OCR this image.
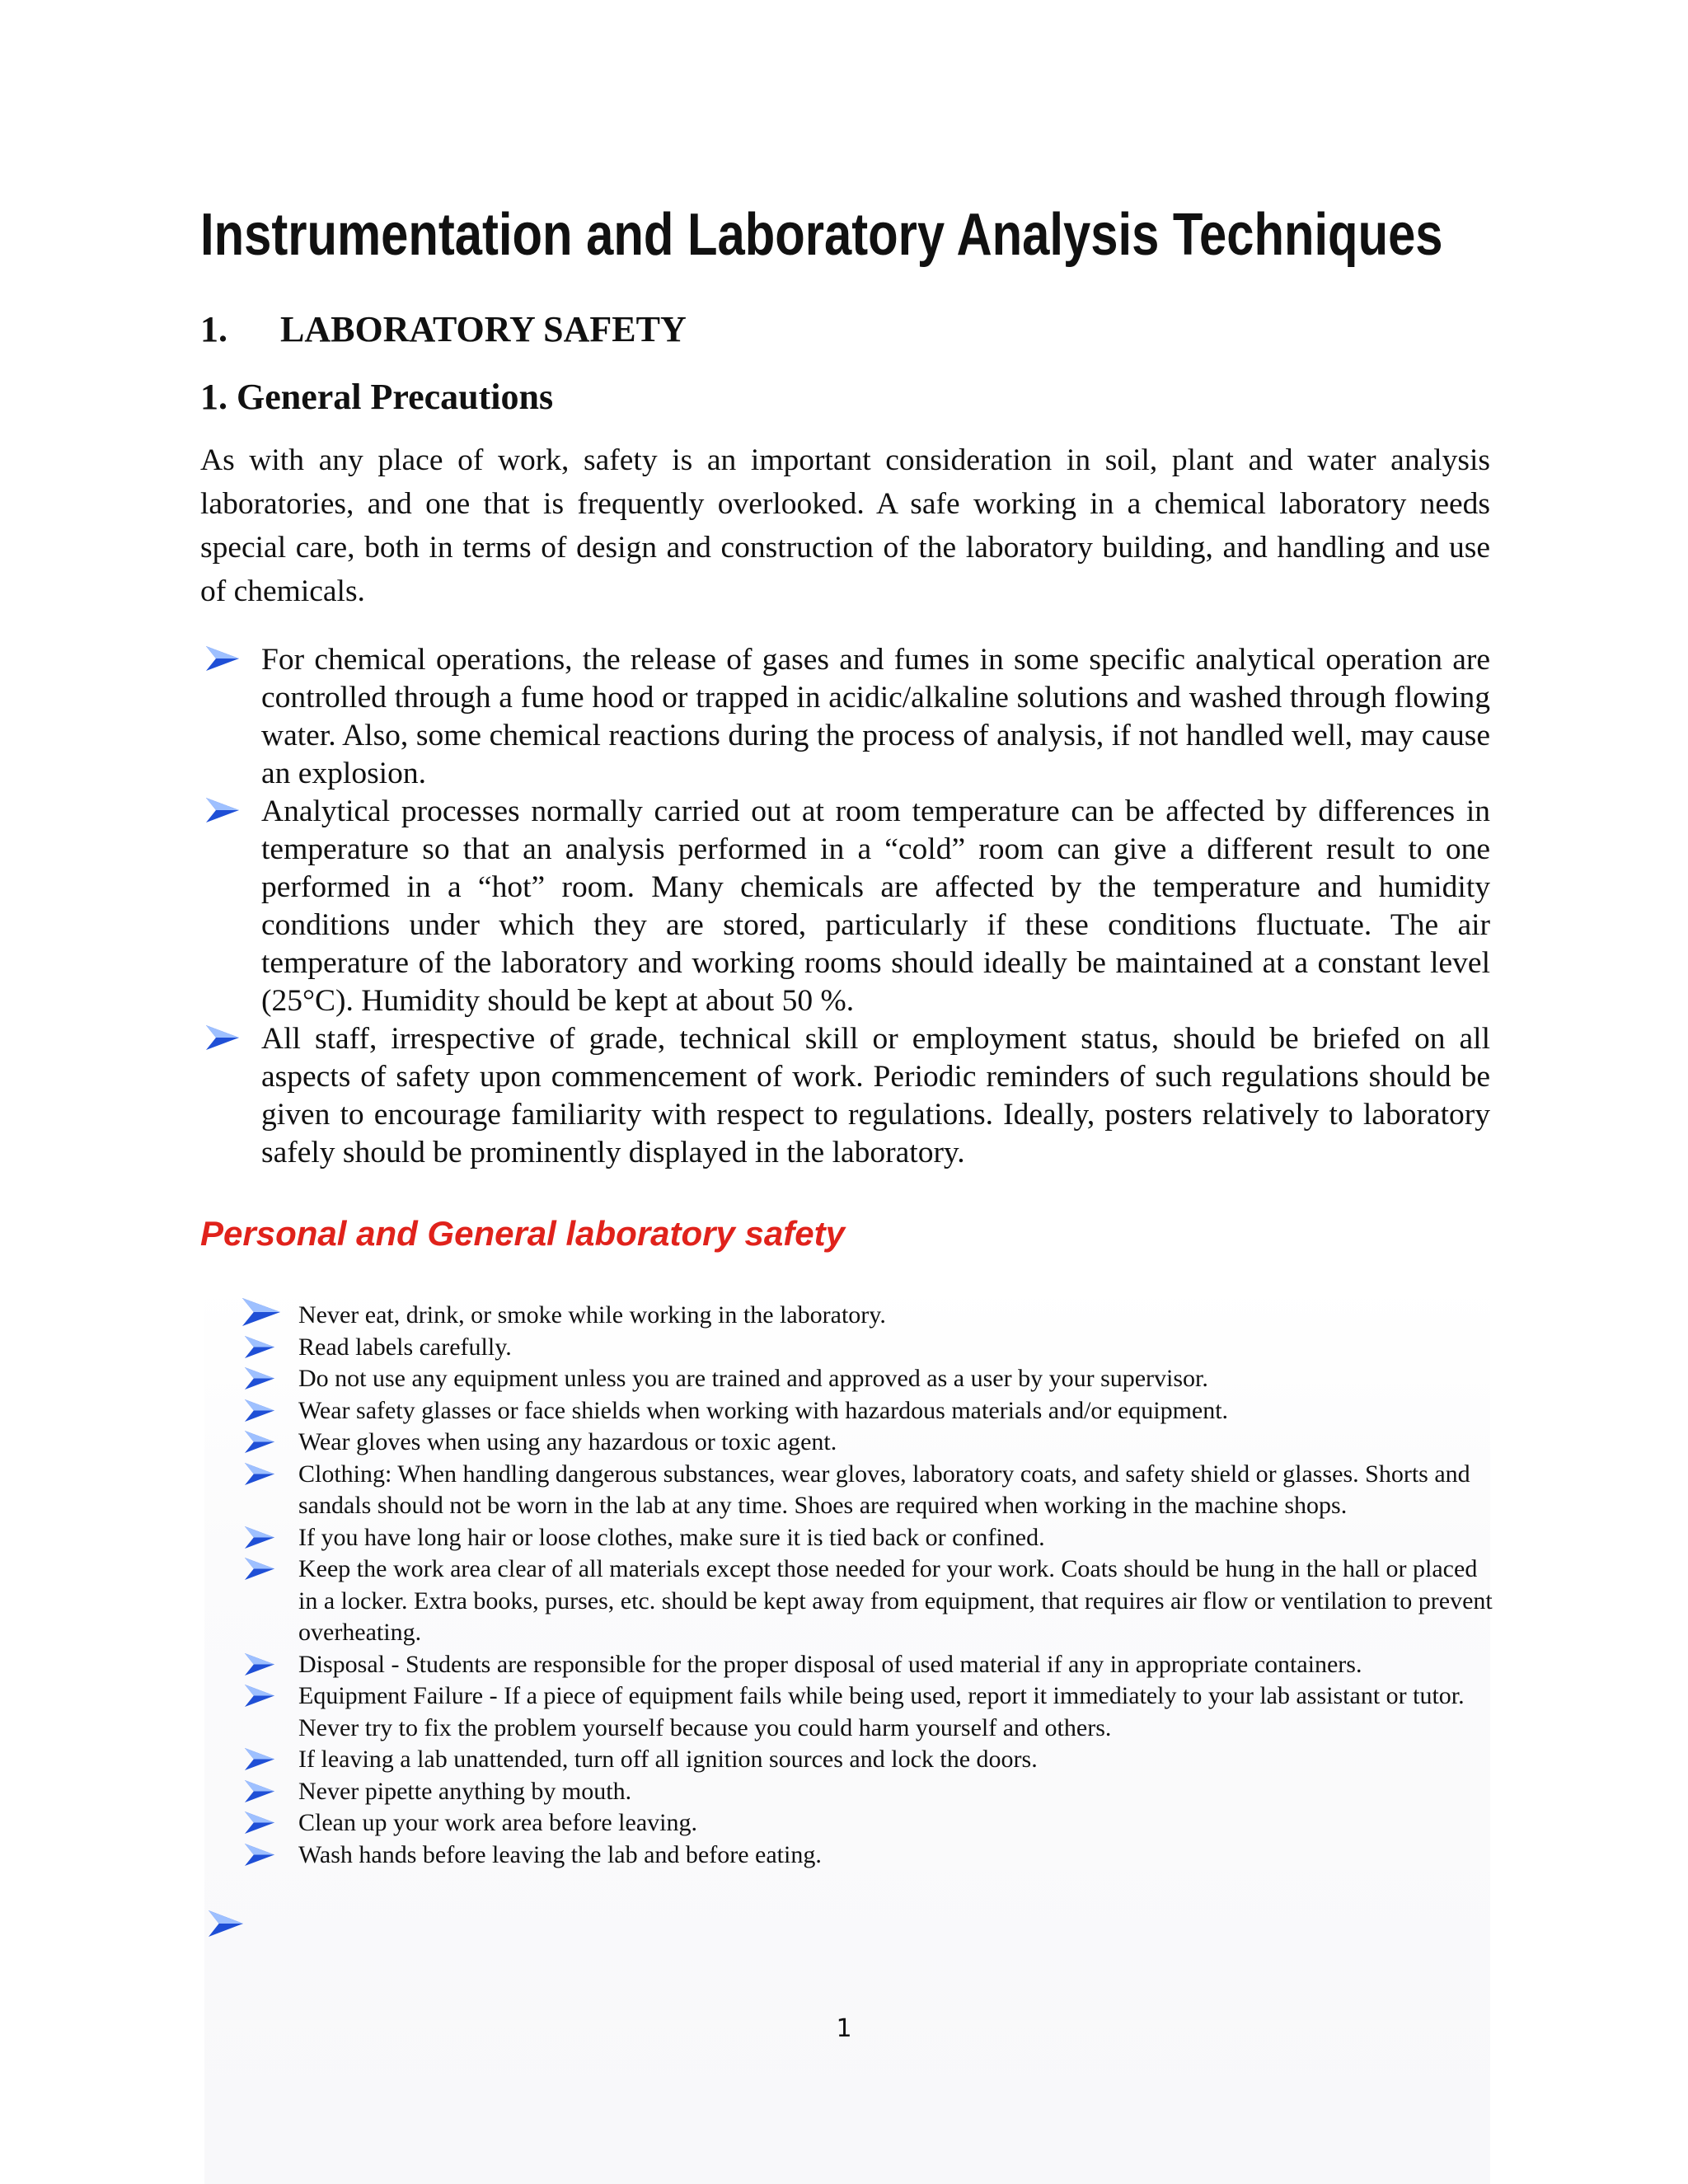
Instrumentation and Laboratory Analysis Techniques
1. LABORATORY SAFETY
1. General Precautions

As with any place of work, safety is an important consideration in soil, plant and water analysis laboratories, and one that is frequently overlooked. A safe working in a chemical laboratory needs special care, both in terms of design and construction of the laboratory building, and handling and use of chemicals.

For chemical operations, the release of gases and fumes in some specific analytical operation are controlled through a fume hood or trapped in acidic/alkaline solutions and washed through flowing water. Also, some chemical reactions during the process of analysis, if not handled well, may cause an explosion.
Analytical processes normally carried out at room temperature can be affected by differences in temperature so that an analysis performed in a “cold” room can give a different result to one performed in a “hot” room. Many chemicals are affected by the temperature and humidity conditions under which they are stored, particularly if these conditions fluctuate. The air temperature of the laboratory and working rooms should ideally be maintained at a constant level (25°C). Humidity should be kept at about 50 %.
All staff, irrespective of grade, technical skill or employment status, should be briefed on all aspects of safety upon commencement of work. Periodic reminders of such regulations should be given to encourage familiarity with respect to regulations. Ideally, posters relatively to laboratory safely should be prominently displayed in the laboratory.
Personal and General laboratory safety
Never eat, drink, or smoke while working in the laboratory.
Read labels carefully.
Do not use any equipment unless you are trained and approved as a user by your supervisor.
Wear safety glasses or face shields when working with hazardous materials and/or equipment.
Wear gloves when using any hazardous or toxic agent.
Clothing: When handling dangerous substances, wear gloves, laboratory coats, and safety shield or glasses. Shorts and sandals should not be worn in the lab at any time. Shoes are required when working in the machine shops.
If you have long hair or loose clothes, make sure it is tied back or confined.
Keep the work area clear of all materials except those needed for your work. Coats should be hung in the hall or placed in a locker. Extra books, purses, etc. should be kept away from equipment, that requires air flow or ventilation to prevent overheating.
Disposal - Students are responsible for the proper disposal of used material if any in appropriate containers.
Equipment Failure - If a piece of equipment fails while being used, report it immediately to your lab assistant or tutor. Never try to fix the problem yourself because you could harm yourself and others.
If leaving a lab unattended, turn off all ignition sources and lock the doors.
Never pipette anything by mouth.
Clean up your work area before leaving.
Wash hands before leaving the lab and before eating.
1
